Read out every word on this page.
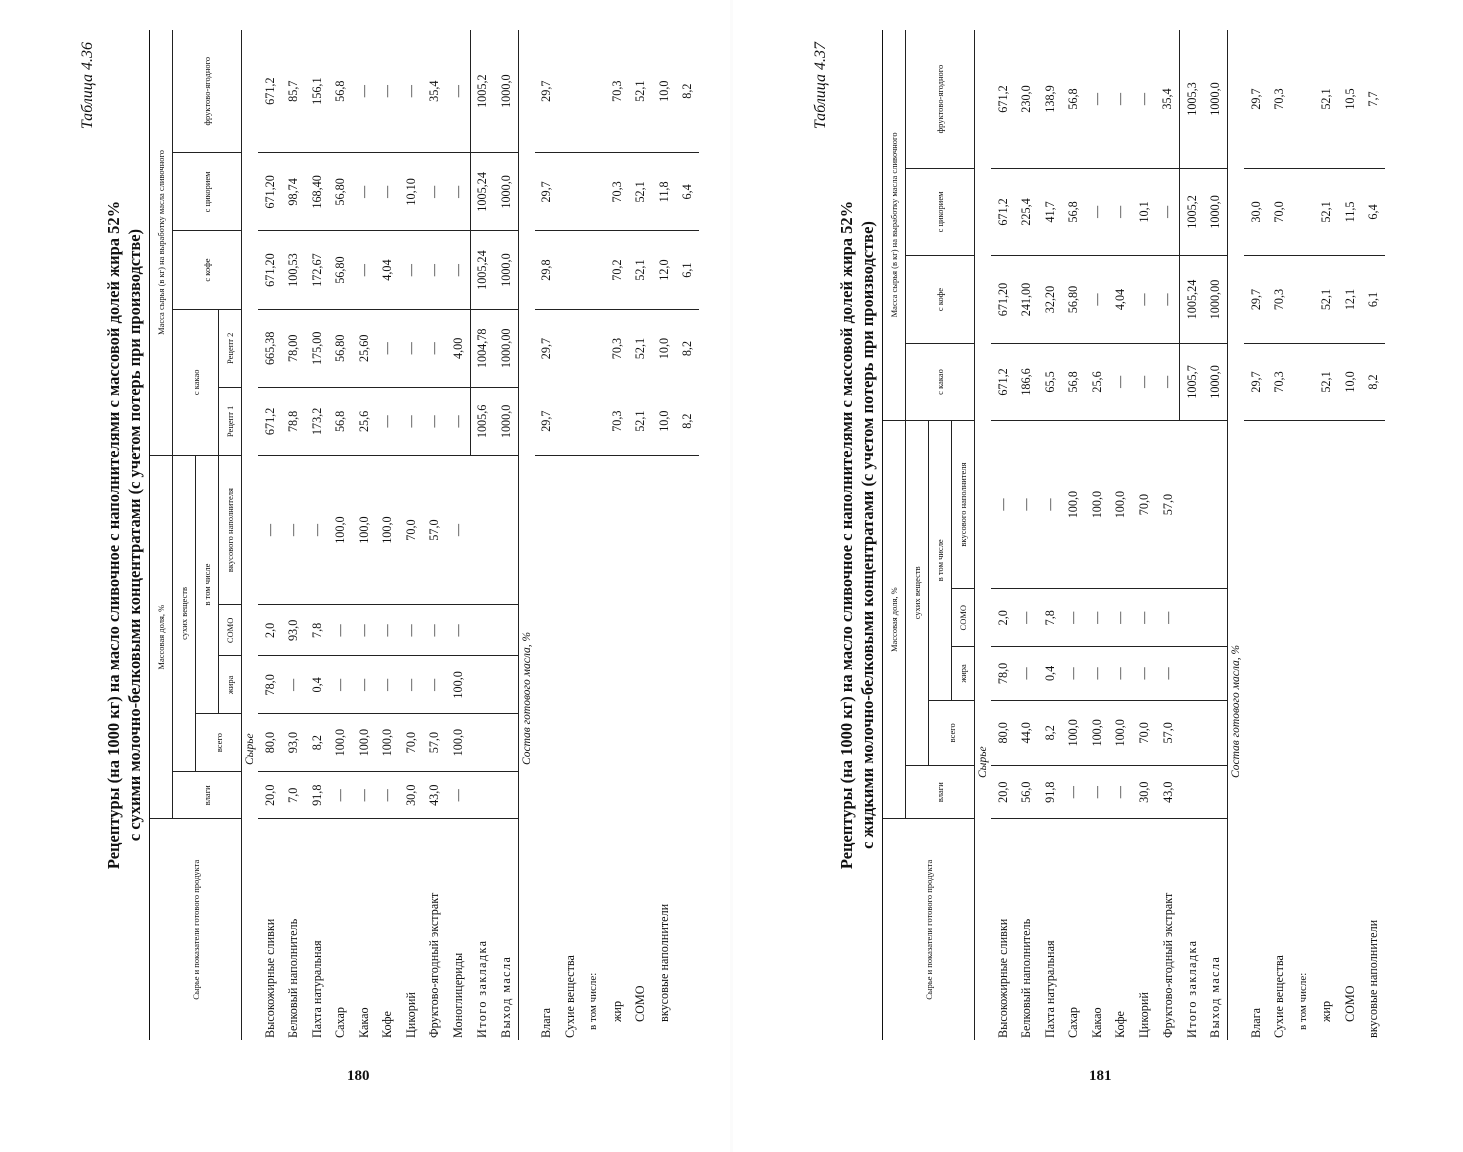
Таблица 4.36
Рецептуры (на 1000 кг) на масло сливочное с наполнителями с массовой долей жира 52% с сухими молочно-белковыми концентратами (с учетом потерь при производстве)
Сырье и показатели готового продукта	Массовая доля, %					Масса сырья (в кг) на выработку масла сливочного				
	влаги	сухих веществ				с какао		с кофе	с цикорием	фруктово-ягодного
		всего	в том числе							
			жира	СОМО	вкусового наполнителя	Рецепт 1	Рецепт 2			
Сырье										
Высокожирные сливки	20,0	80,0	78,0	2,0	—	671,2	665,38	671,20	671,20	671,2
Белковый наполнитель	7,0	93,0	—	93,0	—	78,8	78,00	100,53	98,74	85,7
Пахта натуральная	91,8	8,2	0,4	7,8	—	173,2	175,00	172,67	168,40	156,1
Сахар	—	100,0	—	—	100,0	56,8	56,80	56,80	56,80	56,8
Какао	—	100,0	—	—	100,0	25,6	25,60	—	—	—
Кофе	—	100,0	—	—	100,0	—	—	4,04	—	—
Цикорий	30,0	70,0	—	—	70,0	—	—	—	10,10	—
Фруктово-ягодный экстракт	43,0	57,0	—	—	57,0	—	—	—	—	35,4
Моноглицериды	—	100,0	100,0	—	—	—	4,00	—	—	—
Итого закладка						1005,6	1004,78	1005,24	1005,24	1005,2
Выход масла						1000,0	1000,00	1000,0	1000,0	1000,0
Состав готового масла, %										
Влага						29,7	29,7	29,8	29,7	29,7
Сухие вещества										
в том числе:										
жир						70,3	70,3	70,2	70,3	70,3
СОМО						52,1	52,1	52,1	52,1	52,1
вкусовые наполнители						10,0	10,0	12,0	11,8	10,0
						8,2	8,2	6,1	6,4	8,2
180
Таблица 4.37
Рецептуры (на 1000 кг) на масло сливочное с наполнителями с массовой долей жира 52% с жидкими молочно-белковыми концентратами (с учетом потерь при производстве)
Сырье и показатели готового продукта	Массовая доля, %					Масса сырья (в кг) на выработку масла сливочного			
	влаги	сухих веществ				с какао	с кофе	с цикорием	фруктово-ягодного
		всего	в том числе						
			жира	СОМО	вкусового наполнителя				
Сырье									
Высокожирные сливки	20,0	80,0	78,0	2,0	—	671,2	671,20	671,2	671,2
Белковый наполнитель	56,0	44,0	—	—	—	186,6	241,00	225,4	230,0
Пахта натуральная	91,8	8,2	0,4	7,8	—	65,5	32,20	41,7	138,9
Сахар	—	100,0	—	—	100,0	56,8	56,80	56,8	56,8
Какао	—	100,0	—	—	100,0	25,6	—	—	—
Кофе	—	100,0	—	—	100,0	—	4,04	—	—
Цикорий	30,0	70,0	—	—	70,0	—	—	10,1	—
Фруктово-ягодный экстракт	43,0	57,0	—	—	57,0	—	—	—	35,4
Итого закладка						1005,7	1005,24	1005,2	1005,3
Выход масла						1000,0	1000,00	1000,0	1000,0
Состав готового масла, %									
Влага						29,7	29,7	30,0	29,7
Сухие вещества						70,3	70,3	70,0	70,3
в том числе:									
жир						52,1	52,1	52,1	52,1
СОМО						10,0	12,1	11,5	10,5
вкусовые наполнители						8,2	6,1	6,4	7,7
181
